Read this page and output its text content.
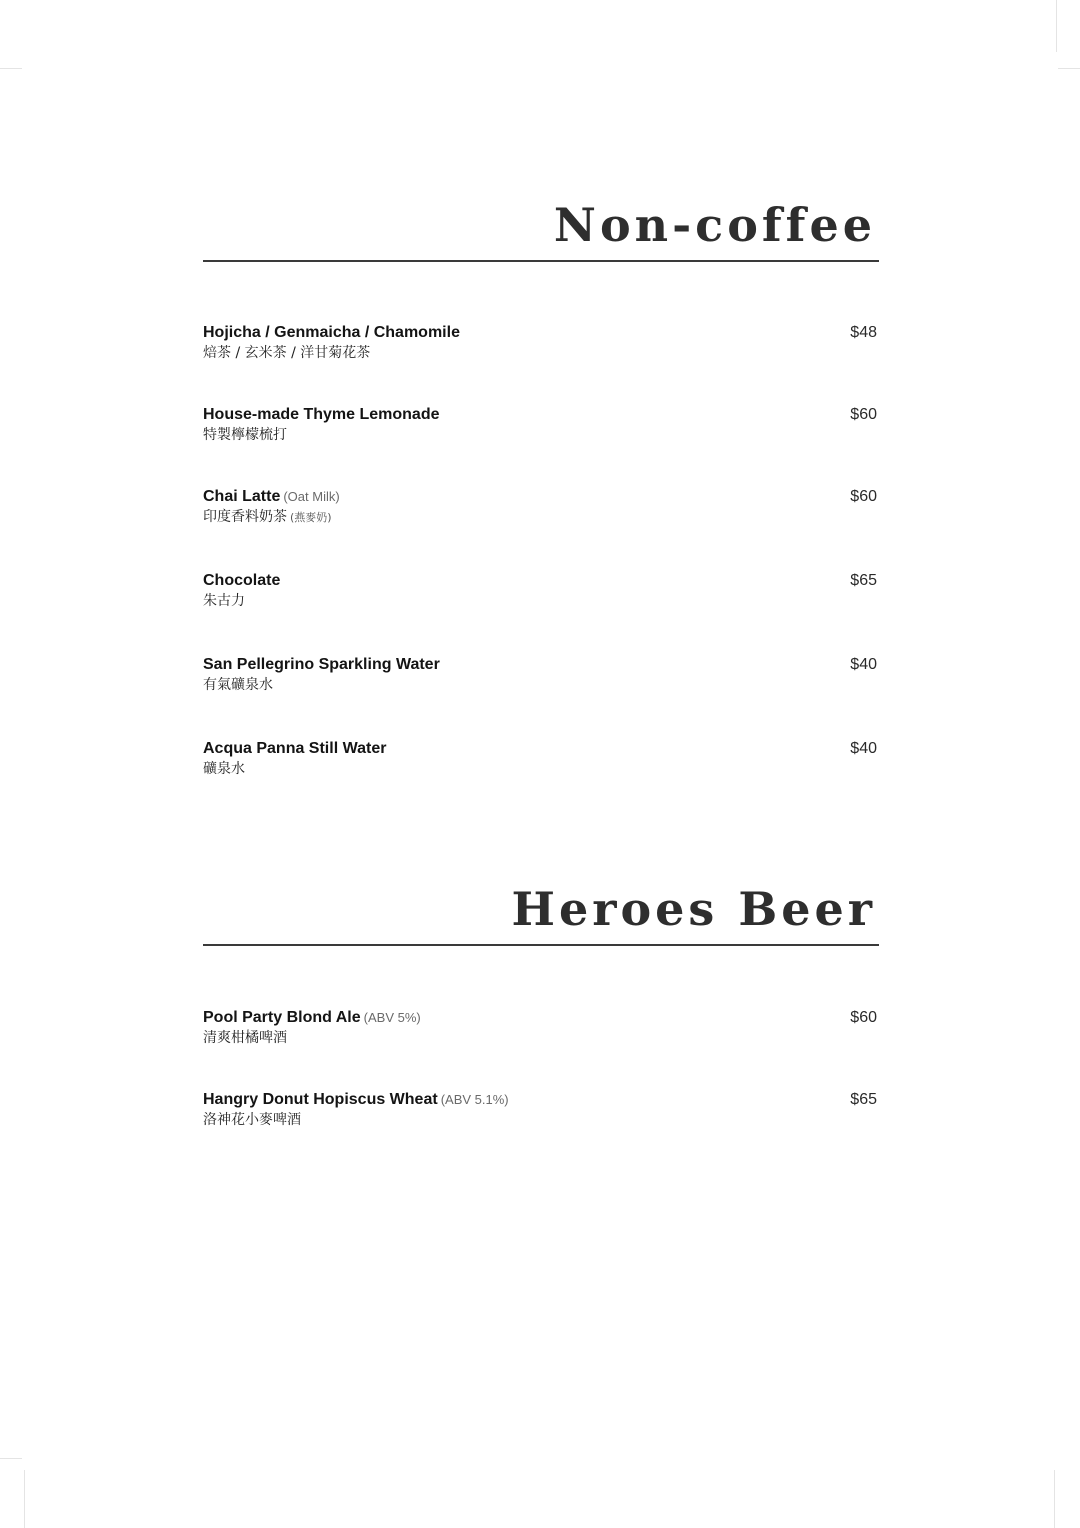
Non-coffee
Hojicha / Genmaicha / Chamomile
焙茶 / 玄米茶 / 洋甘菊花茶
$48
House-made Thyme Lemonade
特製檸檬梳打
$60
Chai Latte (Oat Milk)
印度香料奶茶 (燕麥奶)
$60
Chocolate
朱古力
$65
San Pellegrino Sparkling Water
有氣礦泉水
$40
Acqua Panna Still Water
礦泉水
$40
Heroes Beer
Pool Party Blond Ale (ABV 5%)
清爽柑橘啤酒
$60
Hangry Donut Hopiscus Wheat (ABV 5.1%)
洛神花小麥啤酒
$65
